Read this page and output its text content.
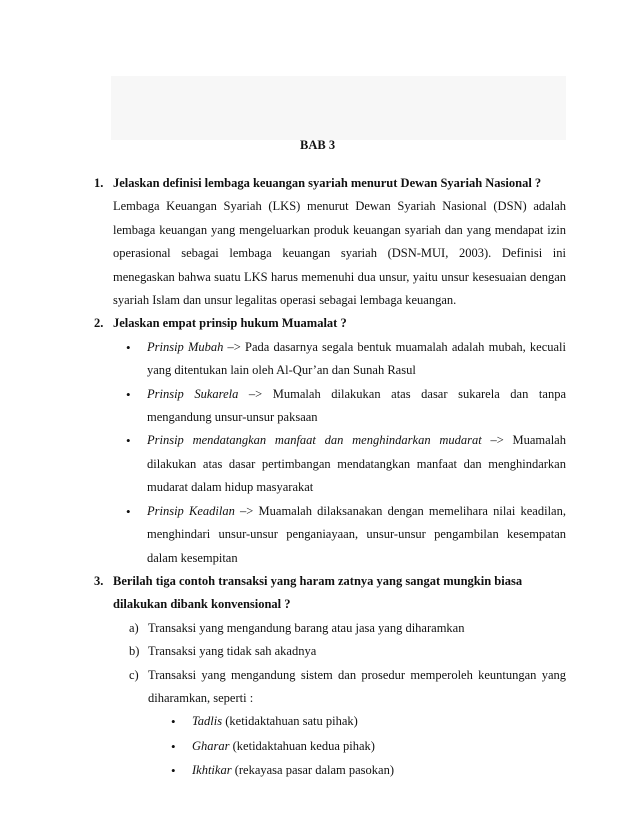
BAB 3
1. Jelaskan definisi lembaga keuangan syariah menurut Dewan Syariah Nasional ?
Lembaga Keuangan Syariah (LKS) menurut Dewan Syariah Nasional (DSN) adalah lembaga keuangan yang mengeluarkan produk keuangan syariah dan yang mendapat izin operasional sebagai lembaga keuangan syariah (DSN-MUI, 2003). Definisi ini menegaskan bahwa suatu LKS harus memenuhi dua unsur, yaitu unsur kesesuaian dengan syariah Islam dan unsur legalitas operasi sebagai lembaga keuangan.
2. Jelaskan empat prinsip hukum Muamalat ?
•
Prinsip Mubah –> Pada dasarnya segala bentuk muamalah adalah mubah, kecuali yang ditentukan lain oleh Al-Qur’an dan Sunah Rasul
•
Prinsip Sukarela –> Mumalah dilakukan atas dasar sukarela dan tanpa mengandung unsur-unsur paksaan
•
Prinsip mendatangkan manfaat dan menghindarkan mudarat –> Muamalah dilakukan atas dasar pertimbangan mendatangkan manfaat dan menghindarkan mudarat dalam hidup masyarakat
•
Prinsip Keadilan –> Muamalah dilaksanakan dengan memelihara nilai keadilan, menghindari unsur-unsur penganiayaan, unsur-unsur pengambilan kesempatan dalam kesempitan
3. Berilah tiga contoh transaksi yang haram zatnya yang sangat mungkin biasa dilakukan dibank konvensional ?
a) Transaksi yang mengandung barang atau jasa yang diharamkan
b) Transaksi yang tidak sah akadnya
c) Transaksi yang mengandung sistem dan prosedur memperoleh keuntungan yang diharamkan, seperti :
•
Tadlis (ketidaktahuan satu pihak)
•
Gharar (ketidaktahuan kedua pihak)
•
Ikhtikar (rekayasa pasar dalam pasokan)
